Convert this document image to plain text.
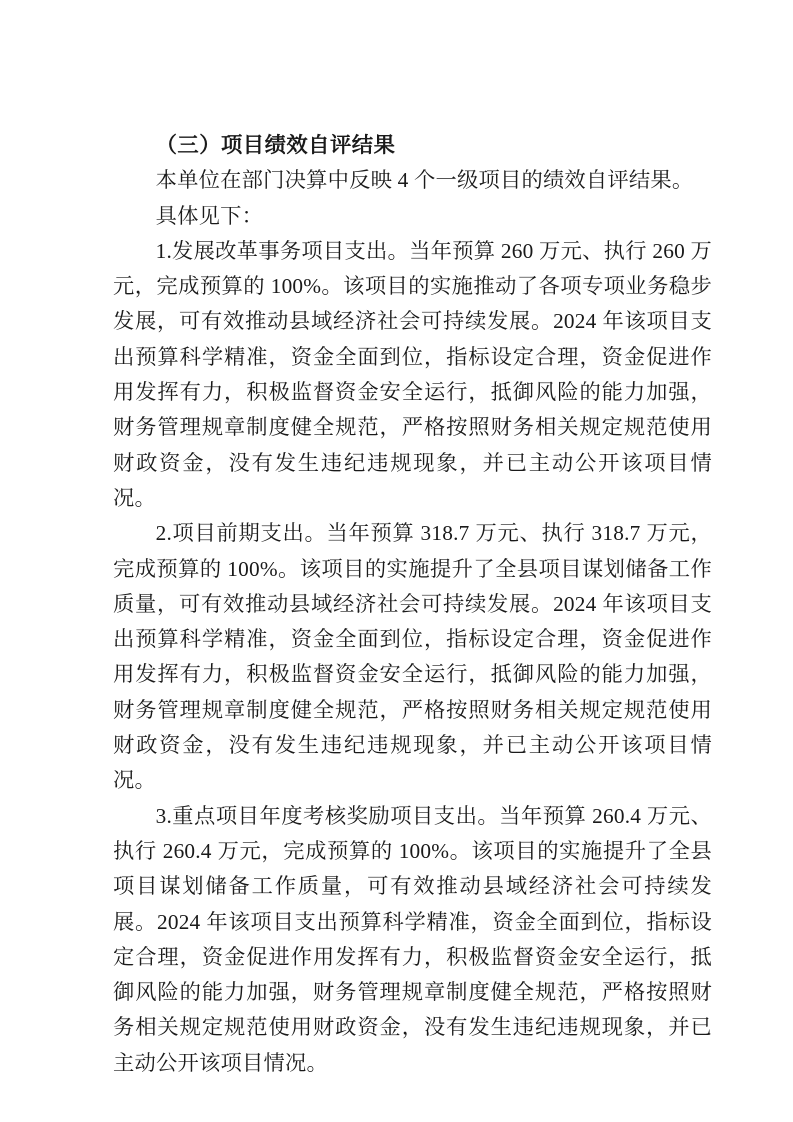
（三）项目绩效自评结果

本单位在部门决算中反映 4 个一级项目的绩效自评结果。

具体见下：

1.发展改革事务项目支出。当年预算 260 万元、执行 260 万元，完成预算的 100%。该项目的实施推动了各项专项业务稳步发展，可有效推动县域经济社会可持续发展。2024 年该项目支出预算科学精准，资金全面到位，指标设定合理，资金促进作用发挥有力，积极监督资金安全运行，抵御风险的能力加强，财务管理规章制度健全规范，严格按照财务相关规定规范使用财政资金，没有发生违纪违规现象，并已主动公开该项目情况。

2.项目前期支出。当年预算 318.7 万元、执行 318.7 万元，完成预算的 100%。该项目的实施提升了全县项目谋划储备工作质量，可有效推动县域经济社会可持续发展。2024 年该项目支出预算科学精准，资金全面到位，指标设定合理，资金促进作用发挥有力，积极监督资金安全运行，抵御风险的能力加强，财务管理规章制度健全规范，严格按照财务相关规定规范使用财政资金，没有发生违纪违规现象，并已主动公开该项目情况。

3.重点项目年度考核奖励项目支出。当年预算 260.4 万元、执行 260.4 万元，完成预算的 100%。该项目的实施提升了全县项目谋划储备工作质量，可有效推动县域经济社会可持续发展。2024 年该项目支出预算科学精准，资金全面到位，指标设定合理，资金促进作用发挥有力，积极监督资金安全运行，抵御风险的能力加强，财务管理规章制度健全规范，严格按照财务相关规定规范使用财政资金，没有发生违纪违规现象，并已主动公开该项目情况。
